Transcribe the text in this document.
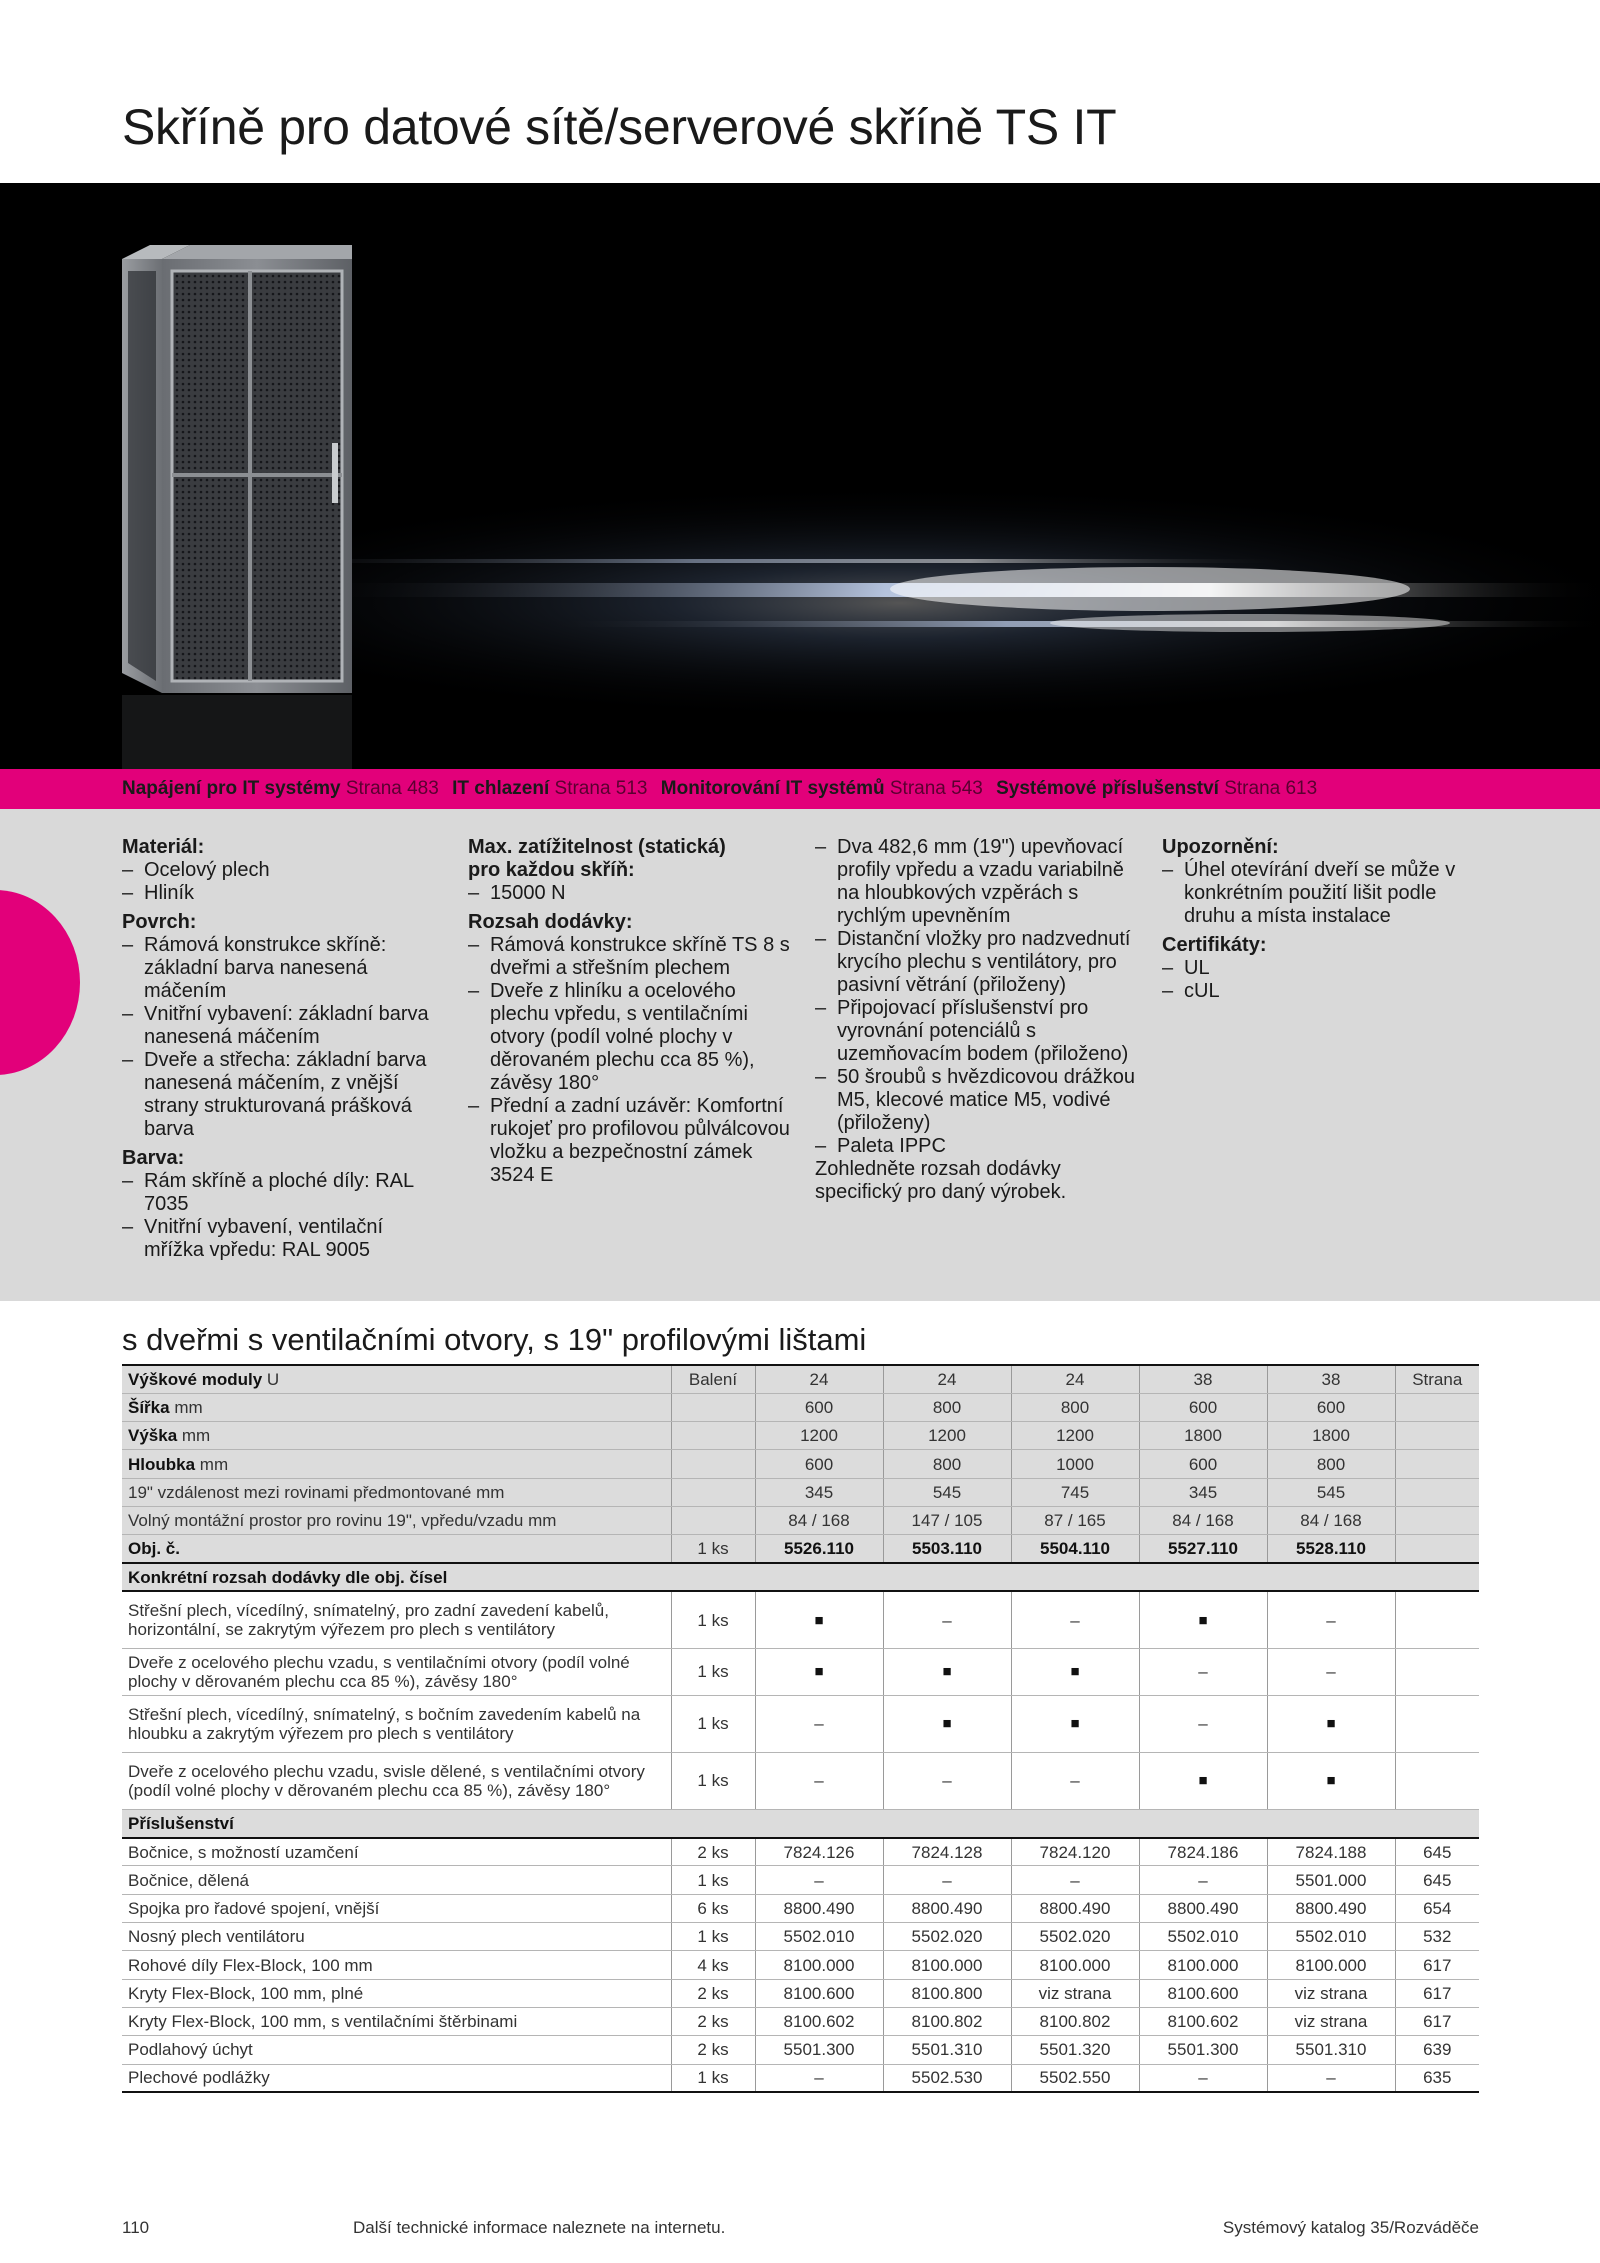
Skříně pro datové sítě/serverové skříně TS IT
Napájení pro IT systémy Strana 483 IT chlazení Strana 513 Monitorování IT systémů Strana 543 Systémové příslušenství Strana 613
Materiál:
– Ocelový plech
– Hliník
Povrch:
– Rámová konstrukce skříně: základní barva nanesená máčením
– Vnitřní vybavení: základní barva nanesená máčením
– Dveře a střecha: základní barva nanesená máčením, z vnější strany strukturovaná prášková barva
Barva:
– Rám skříně a ploché díly: RAL 7035
– Vnitřní vybavení, ventilační mřížka vpředu: RAL 9005
Max. zatížitelnost (statická)
pro každou skříň:
– 15000 N
Rozsah dodávky:
– Rámová konstrukce skříně TS 8 s dveřmi a střešním plechem
– Dveře z hliníku a ocelového plechu vpředu, s ventilačními otvory (podíl volné plochy v děrovaném plechu cca 85 %), závěsy 180°
– Přední a zadní uzávěr: Komfortní rukojeť pro profilovou půlválcovou vložku a bezpečnostní zámek 3524 E
– Dva 482,6 mm (19") upevňovací profily vpředu a vzadu variabilně na hloubkových vzpěrách s rychlým upevněním
– Distanční vložky pro nadzvednutí krycího plechu s ventilátory, pro pasivní větrání (přiloženy)
– Připojovací příslušenství pro vyrovnání potenciálů s uzemňovacím bodem (přiloženo)
– 50 šroubů s hvězdicovou drážkou M5, klecové matice M5, vodivé (přiloženy)
– Paleta IPPC
Zohledněte rozsah dodávky specifický pro daný výrobek.
Upozornění:
– Úhel otevírání dveří se může v konkrétním použití lišit podle druhu a místa instalace
Certifikáty:
– UL
– cUL
s dveřmi s ventilačními otvory, s 19" profilovými lištami
Výškové moduly U	Balení	24	24	24	38	38	Strana
Šířka mm		600	800	800	600	600	
Výška mm		1200	1200	1200	1800	1800	
Hloubka mm		600	800	1000	600	800	
19" vzdálenost mezi rovinami předmontované mm		345	545	745	345	545	
Volný montážní prostor pro rovinu 19", vpředu/vzadu mm		84 / 168	147 / 105	87 / 165	84 / 168	84 / 168	
Obj. č.	1 ks	5526.110	5503.110	5504.110	5527.110	5528.110	
Konkrétní rozsah dodávky dle obj. čísel							
Střešní plech, vícedílný, snímatelný, pro zadní zavedení kabelů, horizontální, se zakrytým výřezem pro plech s ventilátory	1 ks	■	–	–	■	–	
Dveře z ocelového plechu vzadu, s ventilačními otvory (podíl volné plochy v děrovaném plechu cca 85 %), závěsy 180°	1 ks	■	■	■	–	–	
Střešní plech, vícedílný, snímatelný, s bočním zavedením kabelů na hloubku a zakrytým výřezem pro plech s ventilátory	1 ks	–	■	■	–	■	
Dveře z ocelového plechu vzadu, svisle dělené, s ventilačními otvory (podíl volné plochy v děrovaném plechu cca 85 %), závěsy 180°	1 ks	–	–	–	■	■	
Příslušenství							
Bočnice, s možností uzamčení	2 ks	7824.126	7824.128	7824.120	7824.186	7824.188	645
Bočnice, dělená	1 ks	–	–	–	–	5501.000	645
Spojka pro řadové spojení, vnější	6 ks	8800.490	8800.490	8800.490	8800.490	8800.490	654
Nosný plech ventilátoru	1 ks	5502.010	5502.020	5502.020	5502.010	5502.010	532
Rohové díly Flex-Block, 100 mm	4 ks	8100.000	8100.000	8100.000	8100.000	8100.000	617
Kryty Flex-Block, 100 mm, plné	2 ks	8100.600	8100.800	viz strana	8100.600	viz strana	617
Kryty Flex-Block, 100 mm, s ventilačními štěrbinami	2 ks	8100.602	8100.802	8100.802	8100.602	viz strana	617
Podlahový úchyt	2 ks	5501.300	5501.310	5501.320	5501.300	5501.310	639
Plechové podlážky	1 ks	–	5502.530	5502.550	–	–	635
110	Další technické informace naleznete na internetu.	Systémový katalog 35/Rozváděče
